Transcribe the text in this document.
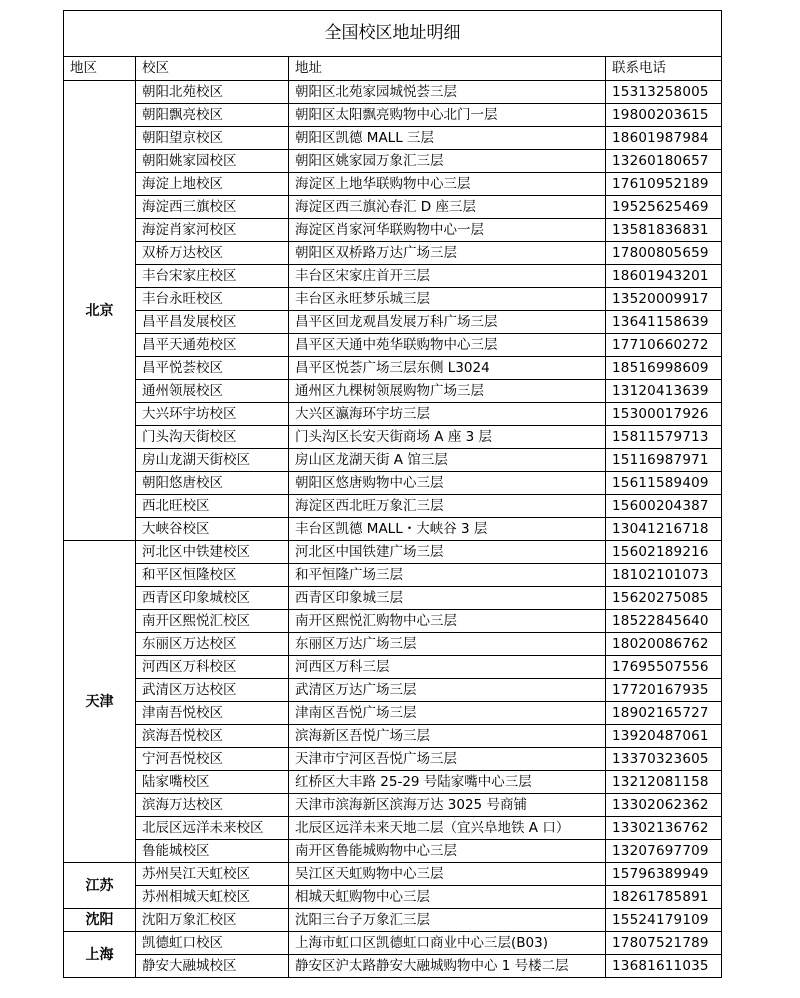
全国校区地址明细			
地区	校区	地址	联系电话
北京	朝阳北苑校区	朝阳区北苑家园城悦荟三层	15313258005
	朝阳飘亮校区	朝阳区太阳飘亮购物中心北门一层	19800203615
	朝阳望京校区	朝阳区凯德 MALL 三层	18601987984
	朝阳姚家园校区	朝阳区姚家园万象汇三层	13260180657
	海淀上地校区	海淀区上地华联购物中心三层	17610952189
	海淀西三旗校区	海淀区西三旗沁春汇 D 座三层	19525625469
	海淀肖家河校区	海淀区肖家河华联购物中心一层	13581836831
	双桥万达校区	朝阳区双桥路万达广场三层	17800805659
	丰台宋家庄校区	丰台区宋家庄首开三层	18601943201
	丰台永旺校区	丰台区永旺梦乐城三层	13520009917
	昌平昌发展校区	昌平区回龙观昌发展万科广场三层	13641158639
	昌平天通苑校区	昌平区天通中苑华联购物中心三层	17710660272
	昌平悦荟校区	昌平区悦荟广场三层东侧 L3024	18516998609
	通州领展校区	通州区九棵树领展购物广场三层	13120413639
	大兴环宇坊校区	大兴区瀛海环宇坊三层	15300017926
	门头沟天街校区	门头沟区长安天街商场 A 座 3 层	15811579713
	房山龙湖天街校区	房山区龙湖天街 A 馆三层	15116987971
	朝阳悠唐校区	朝阳区悠唐购物中心三层	15611589409
	西北旺校区	海淀区西北旺万象汇三层	15600204387
	大峡谷校区	丰台区凯德 MALL・大峡谷 3 层	13041216718
天津	河北区中铁建校区	河北区中国铁建广场三层	15602189216
	和平区恒隆校区	和平恒隆广场三层	18102101073
	西青区印象城校区	西青区印象城三层	15620275085
	南开区熙悦汇校区	南开区熙悦汇购物中心三层	18522845640
	东丽区万达校区	东丽区万达广场三层	18020086762
	河西区万科校区	河西区万科三层	17695507556
	武清区万达校区	武清区万达广场三层	17720167935
	津南吾悦校区	津南区吾悦广场三层	18902165727
	滨海吾悦校区	滨海新区吾悦广场三层	13920487061
	宁河吾悦校区	天津市宁河区吾悦广场三层	13370323605
	陆家嘴校区	红桥区大丰路 25-29 号陆家嘴中心三层	13212081158
	滨海万达校区	天津市滨海新区滨海万达 3025 号商铺	13302062362
	北辰区远洋未来校区	北辰区远洋未来天地二层（宜兴阜地铁 A 口）	13302136762
	鲁能城校区	南开区鲁能城购物中心三层	13207697709
江苏	苏州吴江天虹校区	吴江区天虹购物中心三层	15796389949
	苏州相城天虹校区	相城天虹购物中心三层	18261785891
沈阳	沈阳万象汇校区	沈阳三台子万象汇三层	15524179109
上海	凯德虹口校区	上海市虹口区凯德虹口商业中心三层(B03)	17807521789
	静安大融城校区	静安区沪太路静安大融城购物中心 1 号楼二层	13681611035
